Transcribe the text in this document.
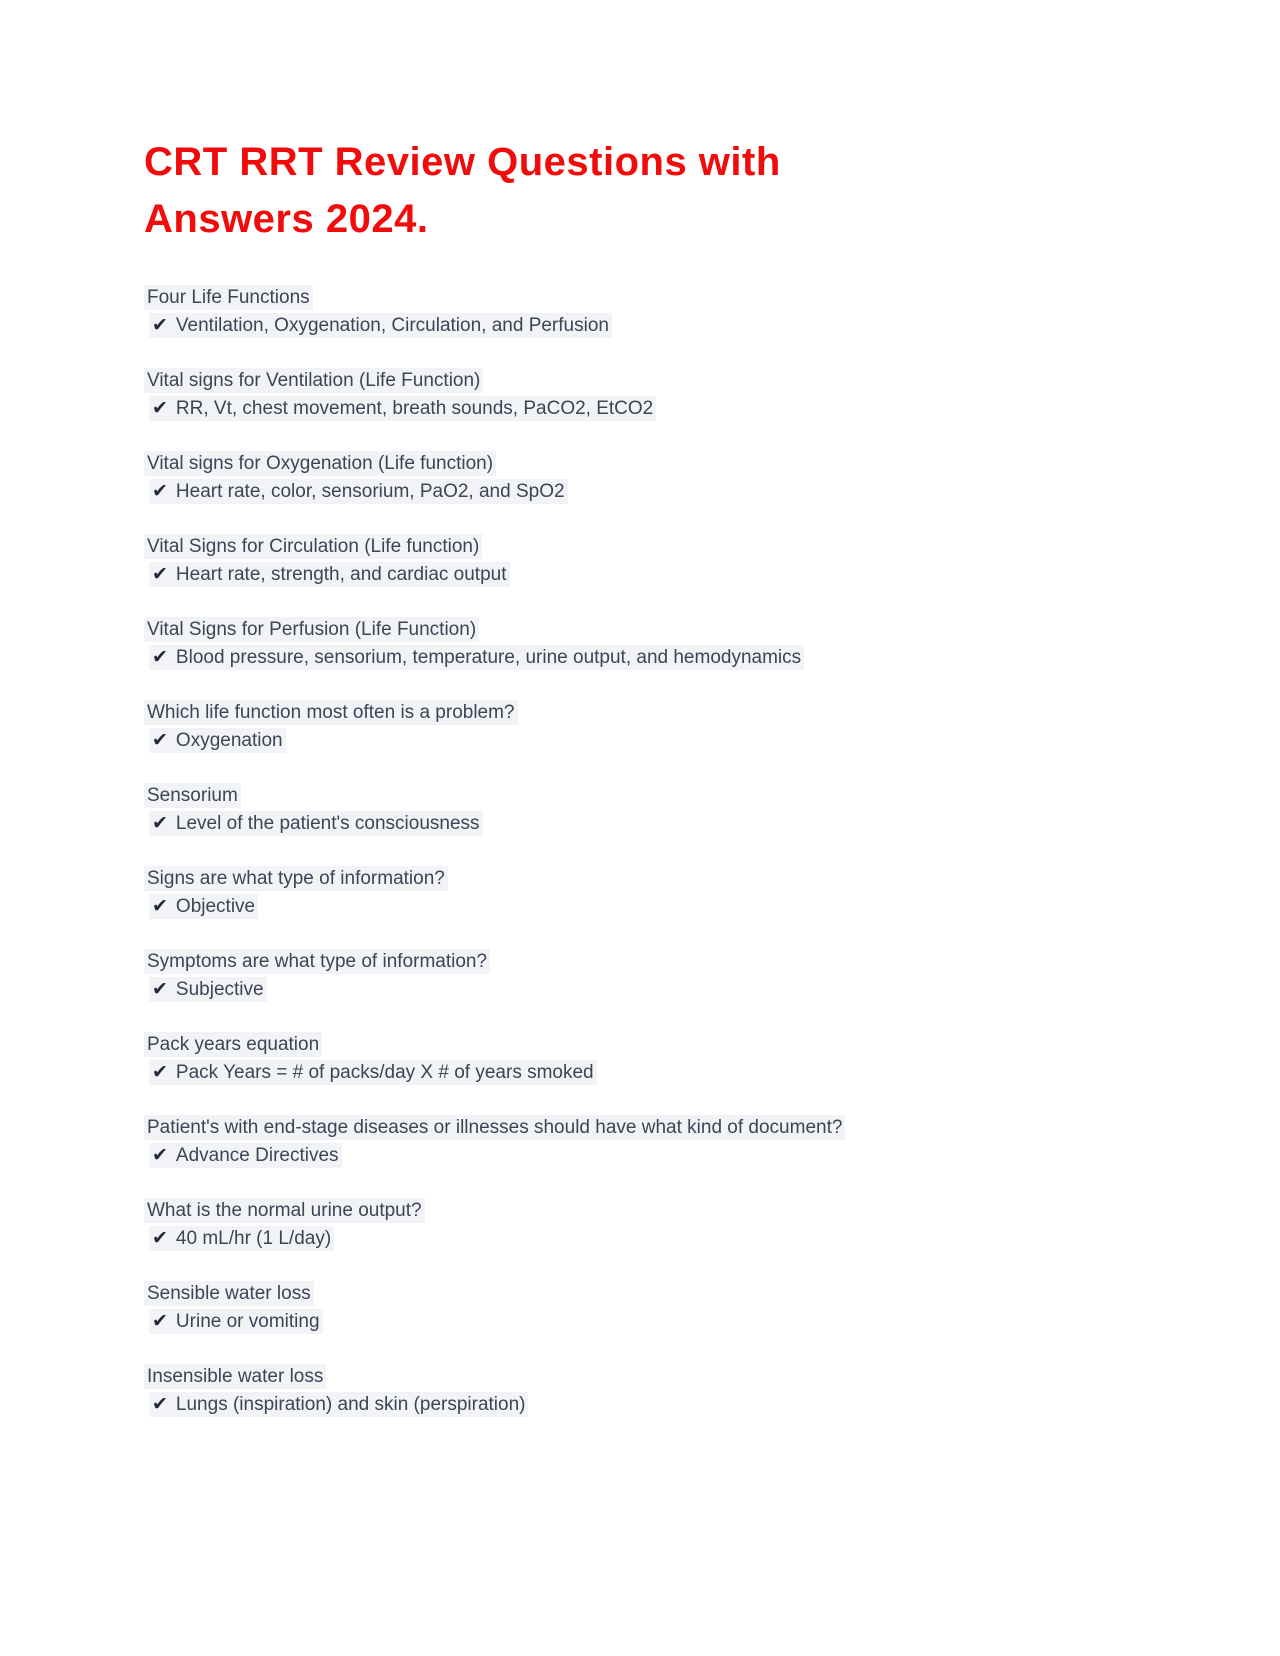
CRT RRT Review Questions with
Answers 2024.
Four Life Functions
✔ Ventilation, Oxygenation, Circulation, and Perfusion
Vital signs for Ventilation (Life Function)
✔ RR, Vt, chest movement, breath sounds, PaCO2, EtCO2
Vital signs for Oxygenation (Life function)
✔ Heart rate, color, sensorium, PaO2, and SpO2
Vital Signs for Circulation (Life function)
✔ Heart rate, strength, and cardiac output
Vital Signs for Perfusion (Life Function)
✔ Blood pressure, sensorium, temperature, urine output, and hemodynamics
Which life function most often is a problem?
✔ Oxygenation
Sensorium
✔ Level of the patient's consciousness
Signs are what type of information?
✔ Objective
Symptoms are what type of information?
✔ Subjective
Pack years equation
✔ Pack Years = # of packs/day X # of years smoked
Patient's with end-stage diseases or illnesses should have what kind of document?
✔ Advance Directives
What is the normal urine output?
✔ 40 mL/hr (1 L/day)
Sensible water loss
✔ Urine or vomiting
Insensible water loss
✔ Lungs (inspiration) and skin (perspiration)
